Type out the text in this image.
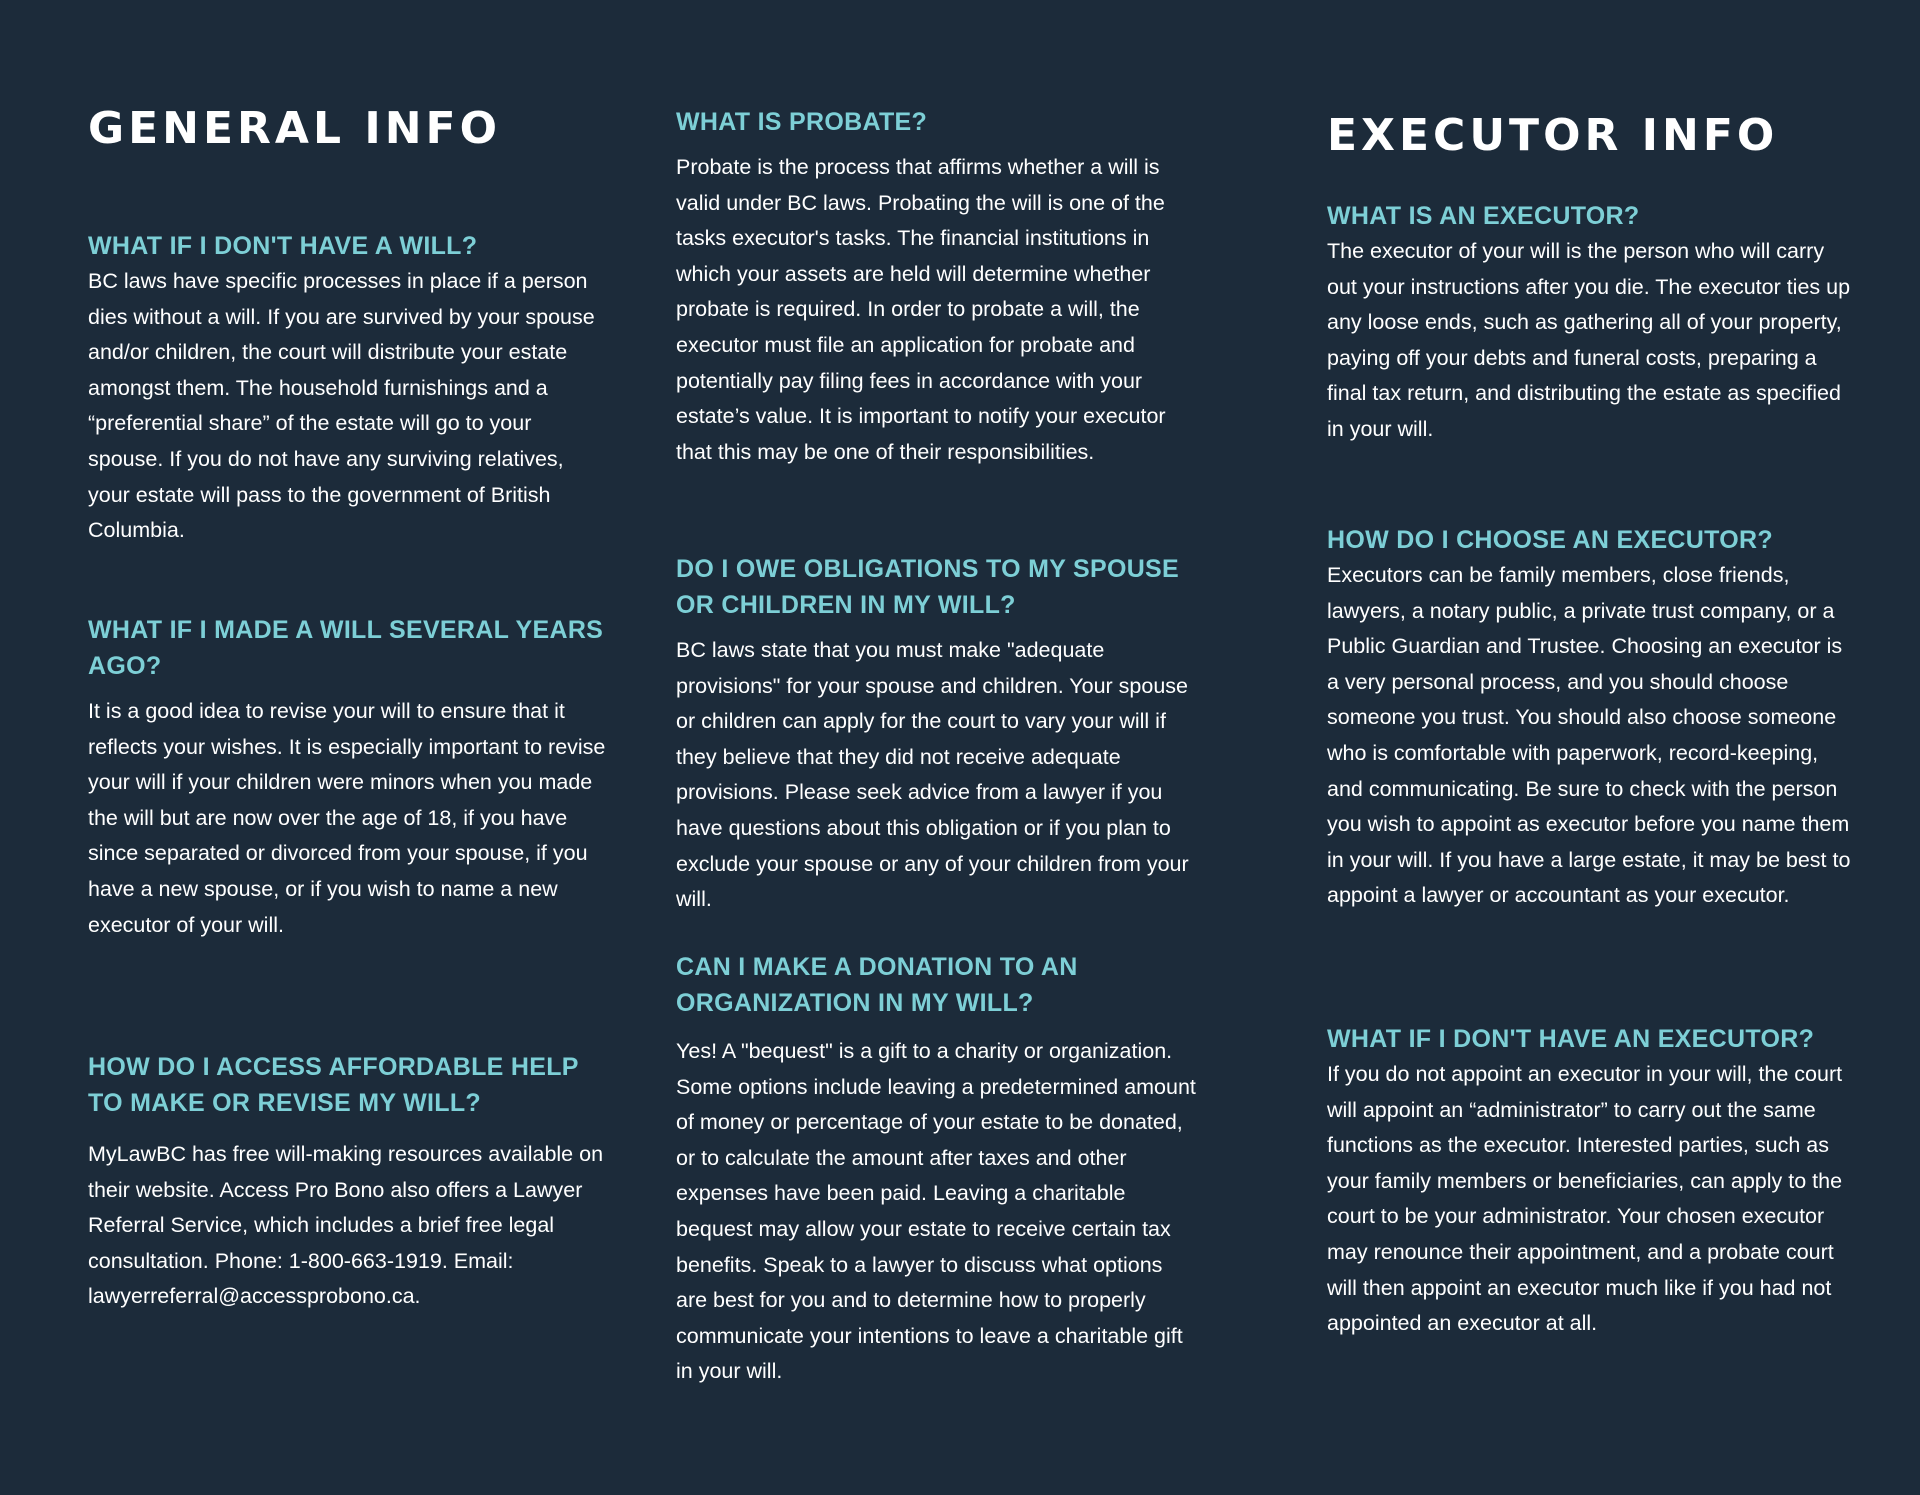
GENERAL INFO
WHAT IF I DON'T HAVE A WILL?

BC laws have specific processes in place if a person dies without a will. If you are survived by your spouse and/or children, the court will distribute your estate amongst them. The household furnishings and a “preferential share” of the estate will go to your spouse. If you do not have any surviving relatives, your estate will pass to the government of British Columbia.

WHAT IF I MADE A WILL SEVERAL YEARS AGO?

It is a good idea to revise your will to ensure that it reflects your wishes. It is especially important to revise your will if your children were minors when you made the will but are now over the age of 18, if you have since separated or divorced from your spouse, if you have a new spouse, or if you wish to name a new executor of your will.

HOW DO I ACCESS AFFORDABLE HELP TO MAKE OR REVISE MY WILL?

MyLawBC has free will-making resources available on their website. Access Pro Bono also offers a Lawyer Referral Service, which includes a brief free legal consultation. Phone: 1-800-663-1919. Email: lawyerreferral@accessprobono.ca.

WHAT IS PROBATE?

Probate is the process that affirms whether a will is valid under BC laws. Probating the will is one of the tasks executor's tasks. The financial institutions in which your assets are held will determine whether probate is required. In order to probate a will, the executor must file an application for probate and potentially pay filing fees in accordance with your estate’s value. It is important to notify your executor that this may be one of their responsibilities.

DO I OWE OBLIGATIONS TO MY SPOUSE OR CHILDREN IN MY WILL?

BC laws state that you must make "adequate provisions" for your spouse and children. Your spouse or children can apply for the court to vary your will if they believe that they did not receive adequate provisions. Please seek advice from a lawyer if you have questions about this obligation or if you plan to exclude your spouse or any of your children from your will.

CAN I MAKE A DONATION TO AN ORGANIZATION IN MY WILL?

Yes! A "bequest" is a gift to a charity or organization. Some options include leaving a predetermined amount of money or percentage of your estate to be donated, or to calculate the amount after taxes and other expenses have been paid. Leaving a charitable bequest may allow your estate to receive certain tax benefits. Speak to a lawyer to discuss what options are best for you and to determine how to properly communicate your intentions to leave a charitable gift in your will.

EXECUTOR INFO
WHAT IS AN EXECUTOR?

The executor of your will is the person who will carry out your instructions after you die. The executor ties up any loose ends, such as gathering all of your property, paying off your debts and funeral costs, preparing a final tax return, and distributing the estate as specified in your will.

HOW DO I CHOOSE AN EXECUTOR?

Executors can be family members, close friends, lawyers, a notary public, a private trust company, or a Public Guardian and Trustee. Choosing an executor is a very personal process, and you should choose someone you trust. You should also choose someone who is comfortable with paperwork, record-keeping, and communicating. Be sure to check with the person you wish to appoint as executor before you name them in your will. If you have a large estate, it may be best to appoint a lawyer or accountant as your executor.

WHAT IF I DON'T HAVE AN EXECUTOR?

If you do not appoint an executor in your will, the court will appoint an “administrator” to carry out the same functions as the executor. Interested parties, such as your family members or beneficiaries, can apply to the court to be your administrator. Your chosen executor may renounce their appointment, and a probate court will then appoint an executor much like if you had not appointed an executor at all.
